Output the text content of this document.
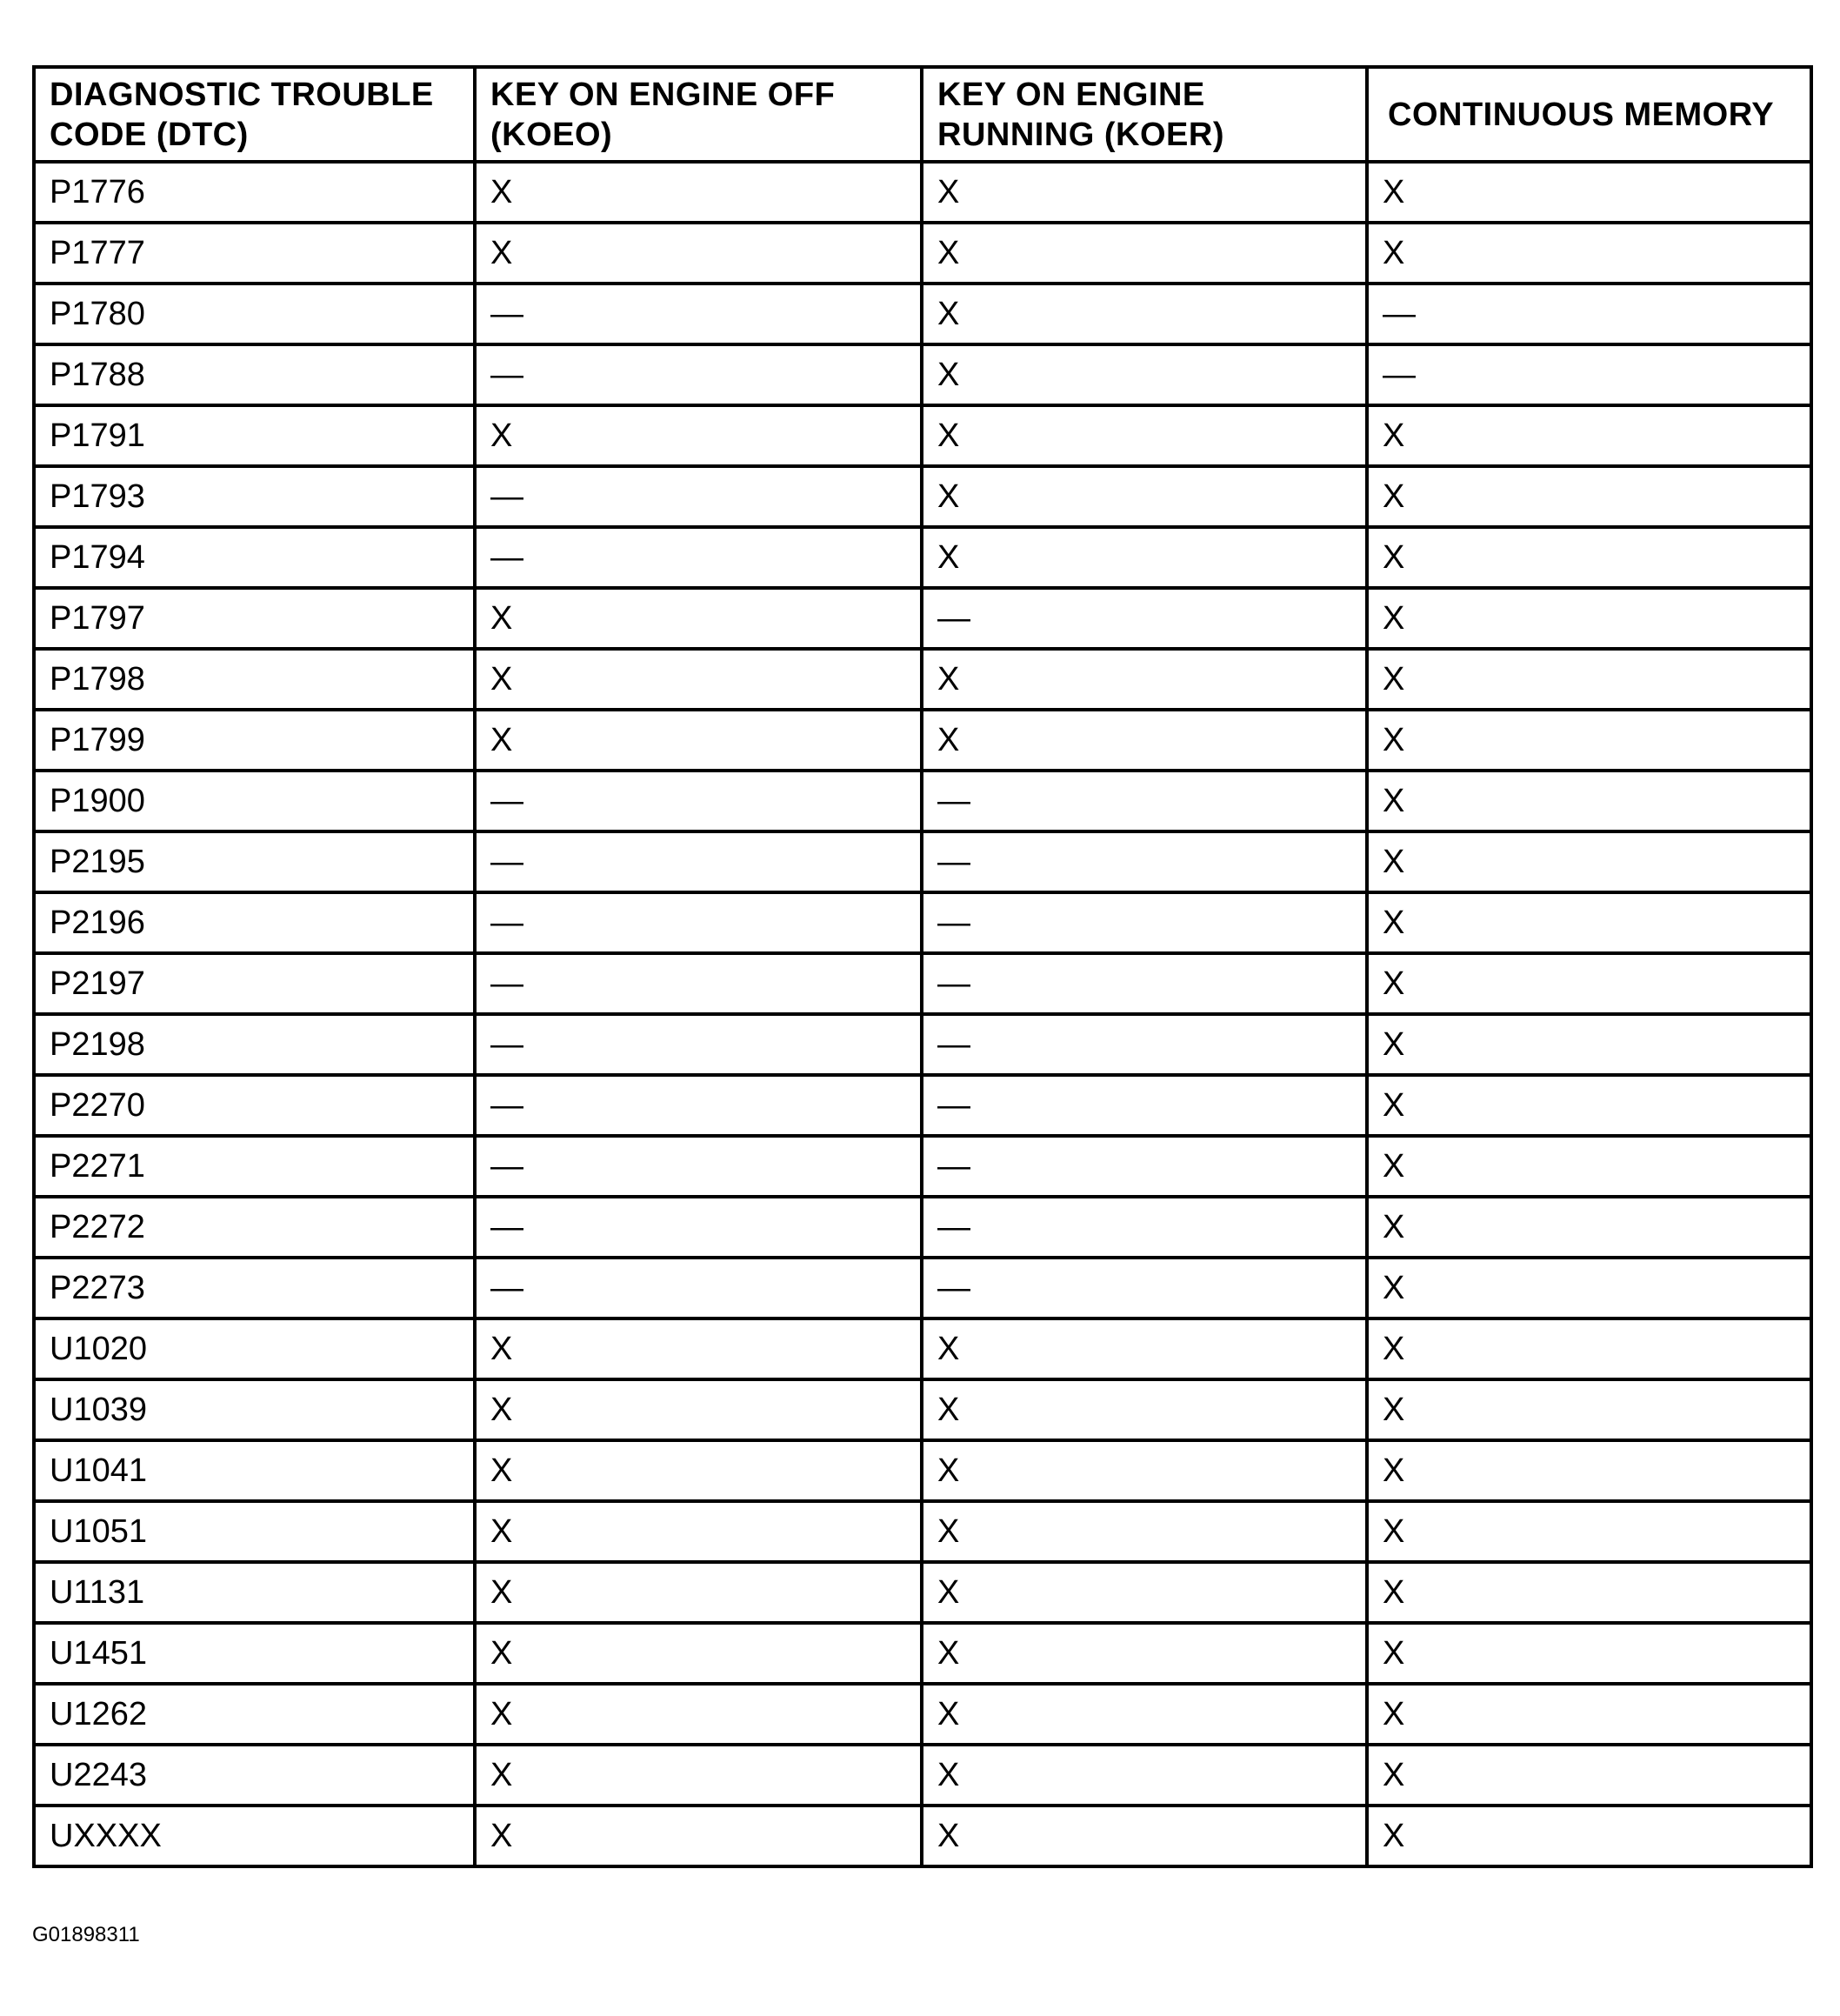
DIAGNOSTIC TROUBLE CODE (DTC)	KEY ON ENGINE OFF (KOEO)	KEY ON ENGINE RUNNING (KOER)	CONTINUOUS MEMORY
P1776	X	X	X
P1777	X	X	X
P1780	—	X	—
P1788	—	X	—
P1791	X	X	X
P1793	—	X	X
P1794	—	X	X
P1797	X	—	X
P1798	X	X	X
P1799	X	X	X
P1900	—	—	X
P2195	—	—	X
P2196	—	—	X
P2197	—	—	X
P2198	—	—	X
P2270	—	—	X
P2271	—	—	X
P2272	—	—	X
P2273	—	—	X
U1020	X	X	X
U1039	X	X	X
U1041	X	X	X
U1051	X	X	X
U1131	X	X	X
U1451	X	X	X
U1262	X	X	X
U2243	X	X	X
UXXXX	X	X	X
G01898311
